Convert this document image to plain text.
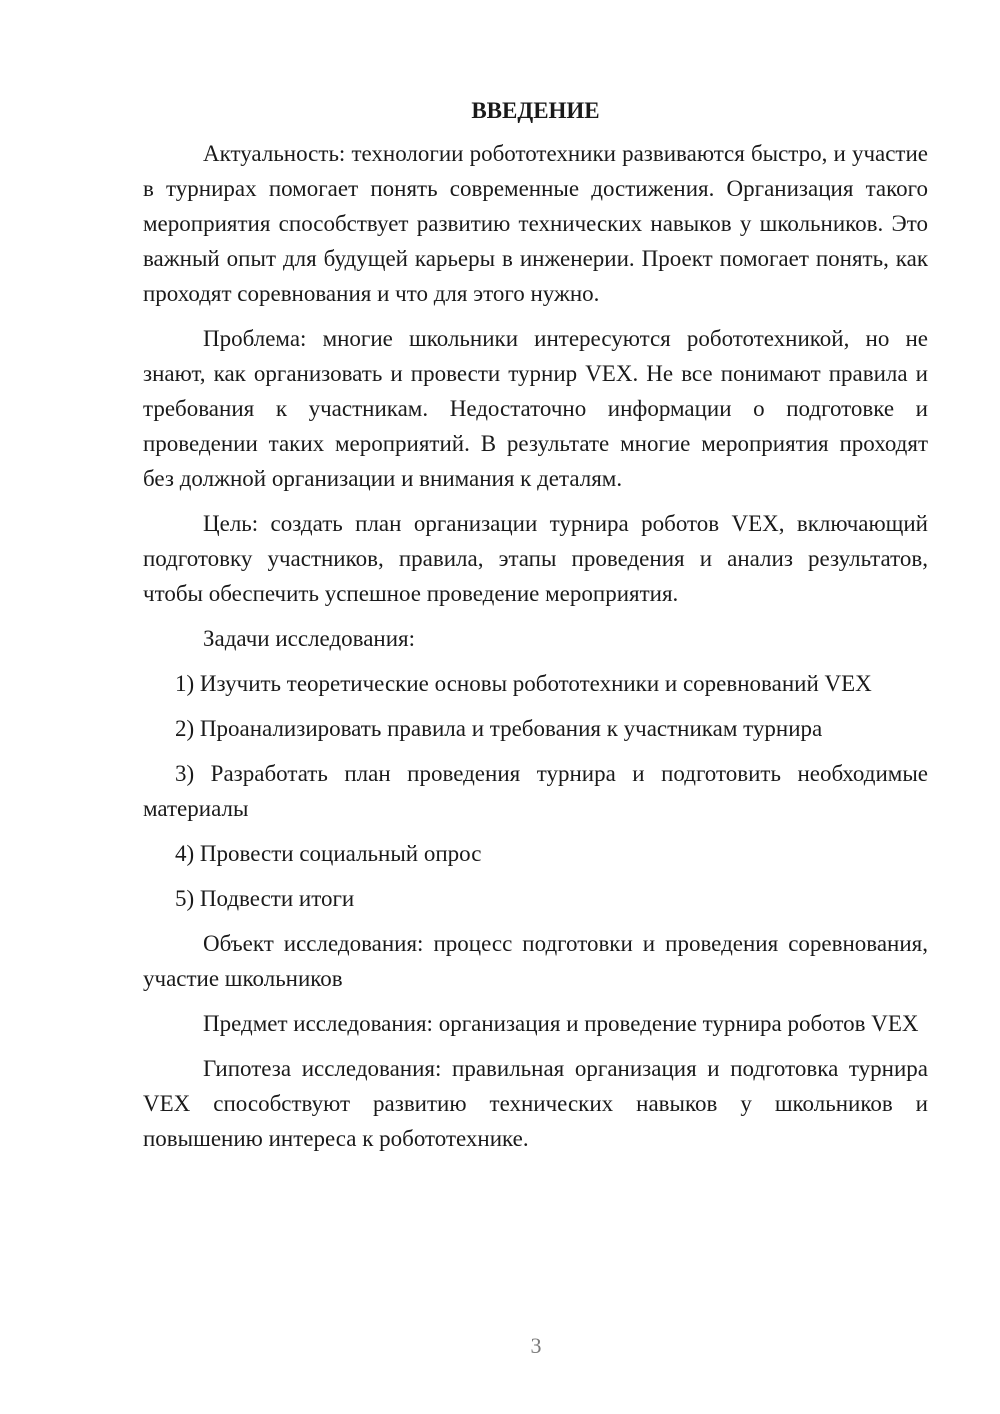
ВВЕДЕНИЕ

Актуальность: технологии робототехники развиваются быстро, и участие в турнирах помогает понять современные достижения. Организация такого мероприятия способствует развитию технических навыков у школьников. Это важный опыт для будущей карьеры в инженерии. Проект помогает понять, как проходят соревнования и что для этого нужно.

Проблема: многие школьники интересуются робототехникой, но не знают, как организовать и провести турнир VEX. Не все понимают правила и требования к участникам. Недостаточно информации о подготовке и проведении таких мероприятий. В результате многие мероприятия проходят без должной организации и внимания к деталям.

Цель: создать план организации турнира роботов VEX, включающий подготовку участников, правила, этапы проведения и анализ результатов, чтобы обеспечить успешное проведение мероприятия.

Задачи исследования:

1) Изучить теоретические основы робототехники и соревнований VEX

2) Проанализировать правила и требования к участникам турнира

3) Разработать план проведения турнира и подготовить необходимые материалы

4) Провести социальный опрос

5) Подвести итоги

Объект исследования: процесс подготовки и проведения соревнования, участие школьников

Предмет исследования: организация и проведение турнира роботов VEX

Гипотеза исследования: правильная организация и подготовка турнира VEX способствуют развитию технических навыков у школьников и повышению интереса к робототехнике.

3
